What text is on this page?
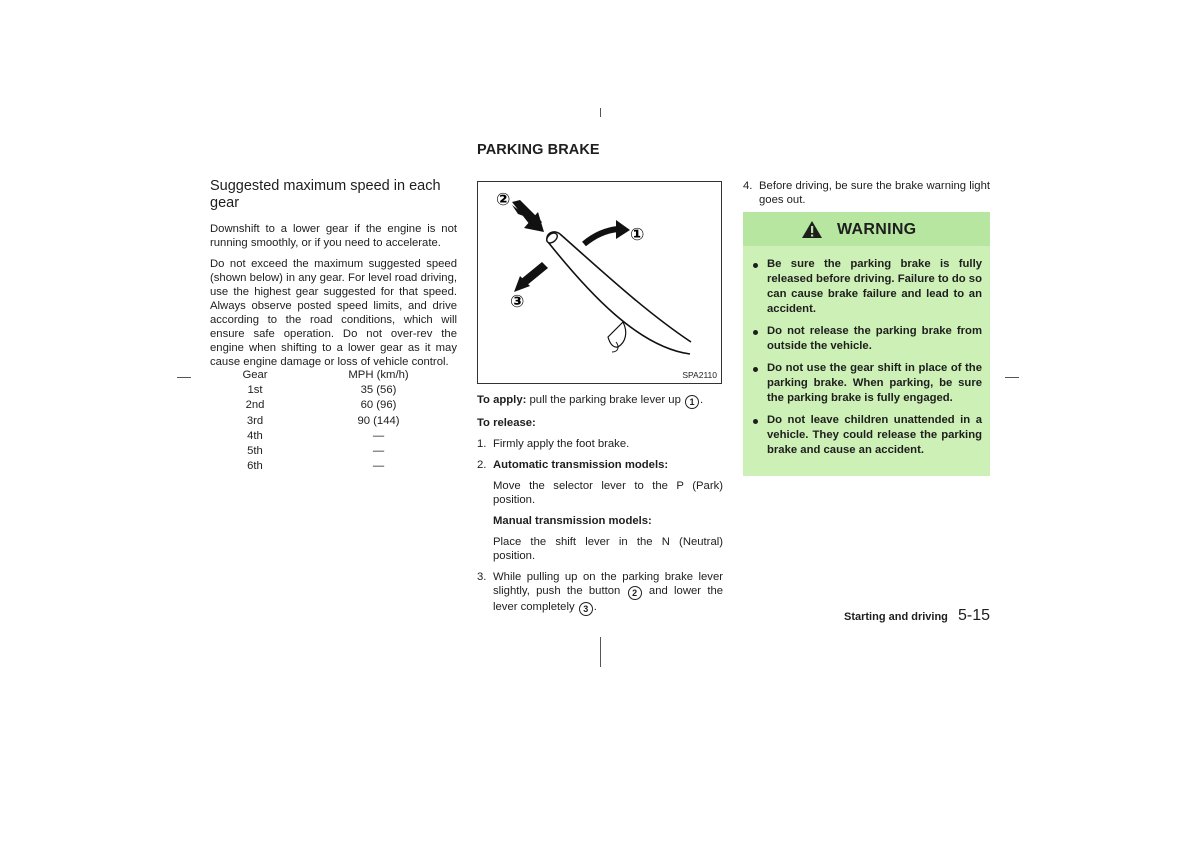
Suggested maximum speed in each gear

Downshift to a lower gear if the engine is not running smoothly, or if you need to accelerate.

Do not exceed the maximum suggested speed (shown below) in any gear. For level road driving, use the highest gear suggested for that speed. Always observe posted speed limits, and drive according to the road conditions, which will ensure safe operation. Do not over-rev the engine when shifting to a lower gear as it may cause engine damage or loss of vehicle control.

Gear	MPH (km/h)
1st	35 (56)
2nd	60 (96)
3rd	90 (144)
4th	—
5th	—
6th	—
PARKING BRAKE
②
①
③
SPA2110

To apply: pull the parking brake lever up 1 .

To release:

1. Firmly apply the foot brake.
2. Automatic transmission models:
Move the selector lever to the P (Park) position.
Manual transmission models:
Place the shift lever in the N (Neutral) position.
3. While pulling up on the parking brake lever slightly, push the button 2 and lower the lever completely 3 .
4. Before driving, be sure the brake warning light goes out.
WARNING
Be sure the parking brake is fully released before driving. Failure to do so can cause brake failure and lead to an accident.
Do not release the parking brake from outside the vehicle.
Do not use the gear shift in place of the parking brake. When parking, be sure the parking brake is fully engaged.
Do not leave children unattended in a vehicle. They could release the parking brake and cause an accident.
Starting and driving 5-15
